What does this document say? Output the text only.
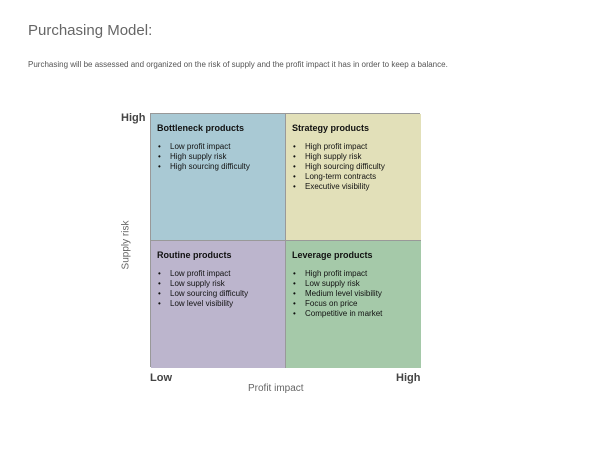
Purchasing Model:
Purchasing will be assessed and organized on the risk of supply and the profit impact it has in order to keep a balance.
High
Supply risk
Bottleneck products
• Low profit impact
• High supply risk
• High sourcing difficulty
Strategy products
• High profit impact
• High supply risk
• High sourcing difficulty
• Long-term contracts
• Executive visibility
Routine products
• Low profit impact
• Low supply risk
• Low sourcing difficulty
• Low level visibility
Leverage products
• High profit impact
• Low supply risk
• Medium level visibility
• Focus on price
• Competitive in market
Low	High
Profit impact
